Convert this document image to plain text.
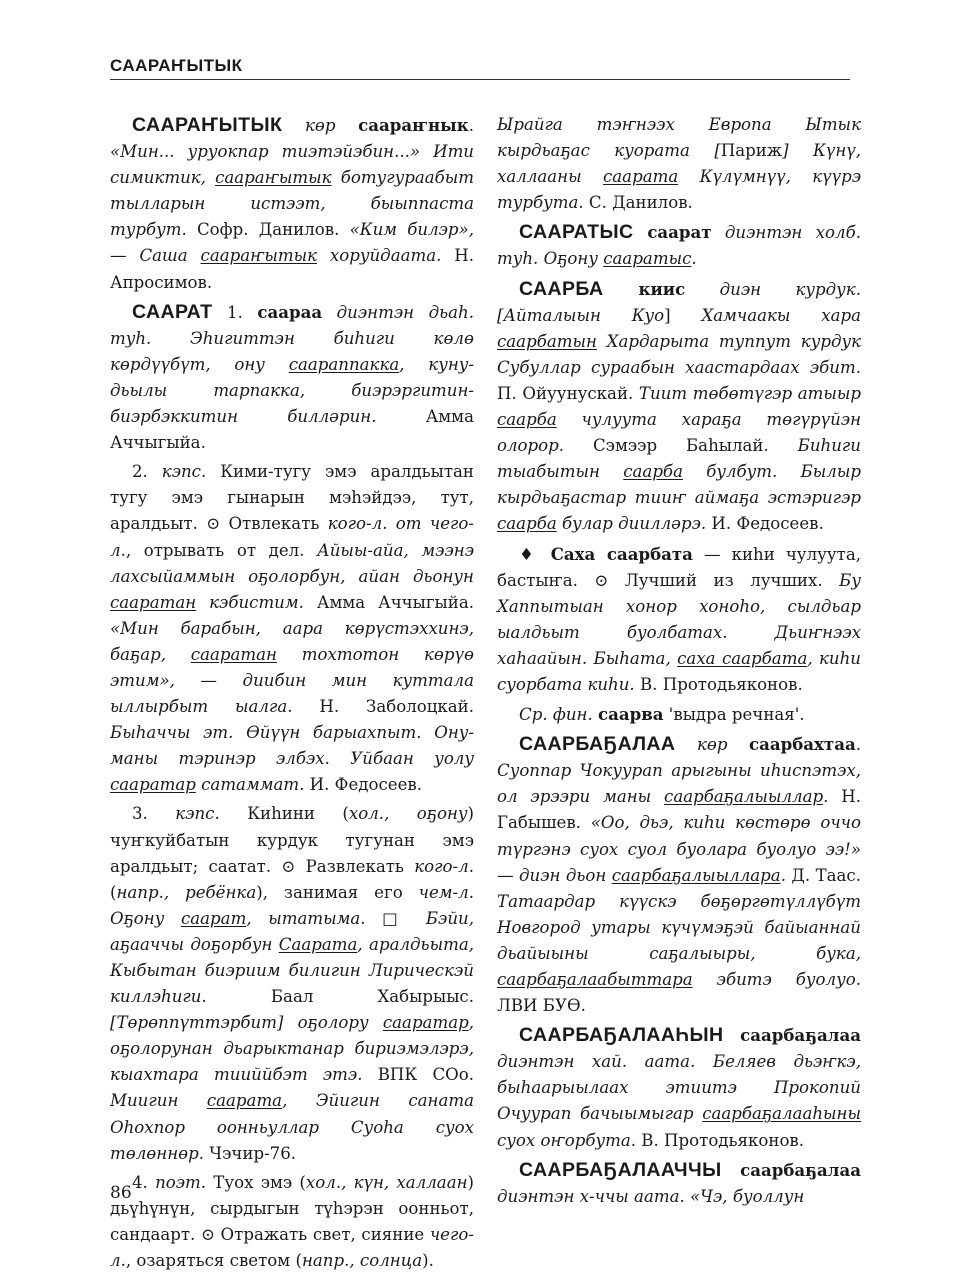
СААРАҤЫТЫК

СААРАҤЫТЫК көр саараҥнык. «Мин... уруокпар тиэтэйэбин...» Ити симиктик, саараҥытык ботугураабыт тылларын истээт, быыппаста турбут. Софр. Данилов. «Ким билэр», — Саша саараҥытык хоруйдаата. Н. Апросимов.

СААРАТ 1. саараа диэнтэн дьаһ. туһ. Эһигиттэн биһиги көлө көрдүүбүт, ону саараппакка, куну-дьылы тарпакка, биэрэргитин-биэрбэккитин билләрин. Амма Аччыгыйа.

2. кэпс. Кими-тугу эмэ аралдьытан тугу эмэ гынарын мэһэйдээ, тут, аралдьыт. ⊙ Отвлекать кого-л. от чего-л., отрывать от дел. Айыы-айа, мээнэ лахсыйаммын оҕолорбун, айан дьонун сааратан кэбистим. Амма Аччыгыйа. «Мин барабын, аара көрүстэххинэ, баҕар, сааратан тохтотон көрүө этим», — диибин мин куттала ыллырбыт ыалга. Н. Заболоцкай. Быһаччы эт. Өйүүн барыахпыт. Ону-маны тэринэр элбэх. Уйбаан уолу сааратар сатаммат. И. Федосеев.

3. кэпс. Киһини (хол., оҕону) чуҥкуйбатын курдук тугунан эмэ аралдьыт; саатат. ⊙ Развлекать кого-л. (напр., ребёнка), занимая его чем-л. Оҕону саарат, ытатыма. □ Бэйи, аҕааччы доҕорбун Саарата, аралдьыта, Кыбытан биэриим билигин Лирическэй киллэһиги. Баал Хабырыыс. [Төрөппүттэрбит] оҕолору сааратар, оҕолорунан дьарыктанар бириэмэлэрэ, кыахтара тииййбэт этэ. ВПК СОо. Миигин саарата, Эйигин саната Оһохпор оонньуллар Суоһа суох төлөннөр. Чэчир-76.

4. поэт. Туох эмэ (хол., күн, халлаан) дьүһүнүн, сырдыгын түһэрэн оонньот, сандаарт. ⊙ Отражать свет, сияние чего-л., озаряться светом (напр., солнца).

Ырайга тэҥнээх Европа Ытык кырдьаҕас куората [Париж] Күнү, халлааны саарата Күлүмнүү, күүрэ турбута. С. Данилов.

СААРАТЫС саарат диэнтэн холб. туһ. Оҕону сааратыс.

СААРБА киис диэн курдук. [Айталыын Куо] Хамчаакы хара саарбатын Хардарыта туппут курдук Субуллар сураабын хаастардаах эбит. П. Ойуунускай. Тиит төбөтүгэр атыыр саарба чулуута хараҕа төгүрүйэн олорор. Сэмээр Баһылай. Биһиги тыабытын саарба булбут. Былыр кырдьаҕастар тииҥ аймаҕа эстэригэр саарба булар диилләрэ. И. Федосеев.

♦ Саха саарбата — киһи чулуута, бастыҥа. ⊙ Лучший из лучших. Бу Хаппытыан хонор хоноһо, сылдьар ыалдьыт буолбатах. Дьиҥнээх хаһаайын. Быһата, саха саарбата, киһи суорбата киһи. В. Протодьяконов.

Ср. фин. саарва 'выдра речная'.

СААРБАҔАЛАА көр саарбахтаа. Суоппар Чокуурап арыгыны иһиспэтэх, ол эрээри маны саарбаҕалыыллар. Н. Габышев. «Оо, дьэ, киһи көстөрө оччо түргэнэ суох суол буолара буолуо ээ!» — диэн дьон саарбаҕалыыллара. Д. Таас. Татаардар күүскэ бөҕөргөтүллүбүт Новгород утары күчүмэҕэй байыаннай дьайыыны саҕалыыры, бука, саарбаҕалаабыттара эбитэ буолуо. ЛВИ БУӨ.

СААРБАҔАЛААҺЫН саарбаҕалаа диэнтэн хай. аата. Беляев дьэҥкэ, быһаарыылаах этиитэ Прокопий Очуурап бачыымыгар саарбаҕалааһыны суох оҥорбута. В. Протодьяконов.

СААРБАҔАЛААЧЧЫ саарбаҕалаа диэнтэн х-ччы аата. «Чэ, буоллун

86
